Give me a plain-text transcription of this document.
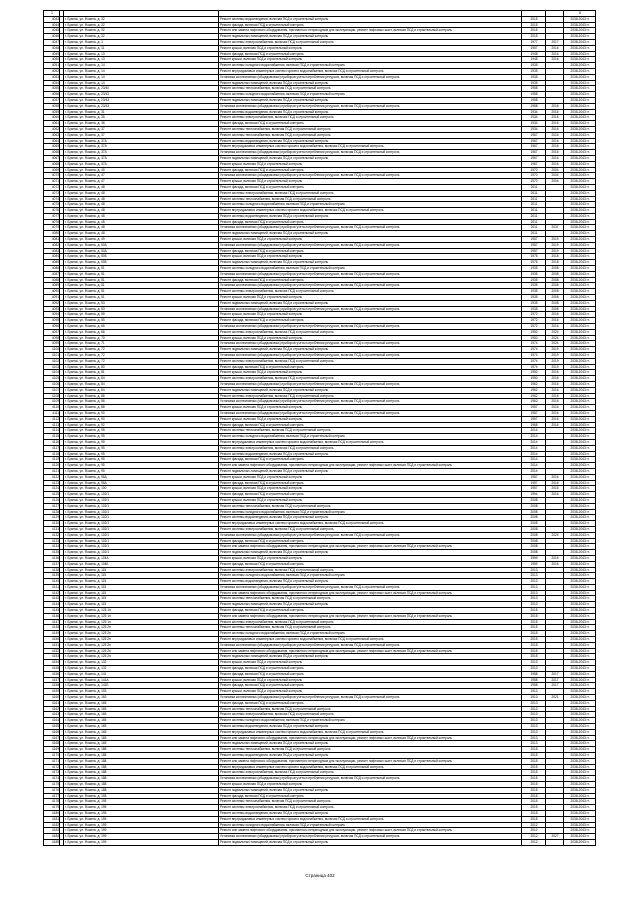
1						8
4043		г. Брянск, ул. Фокина, д. 32	Ремонт системы водоотведения, включая ПСД и строительный контроль	2015		2038-2043 гг.
4044		г. Брянск, ул. Фокина, д. 32	Ремонт фасада, включая ПСД и строительный контроль	2015		2038-2043 гг.
4045		г. Брянск, ул. Фокина, д. 32	Ремонт или замена лифтового оборудования, признанного непригодным для эксплуатации, ремонт лифтовых шахт, включая ПСД и строительный контроль	2015		2038-2043 гг.
4046		г. Брянск, ул. Фокина, д. 32	Ремонт подвальных помещений, включая ПСД и строительный контроль	2015		2038-2043 гг.
4047		г. Брянск, ул. Фокина, д. 1	Ремонт системы электроснабжения, включая ПСД и строительный контроль	1977	2017	2038-2043 гг.
4048		г. Брянск, ул. Фокина, д. 11	Ремонт крыши, включая ПСД и строительный контроль	1957	2016	2038-2043 гг.
4049		г. Брянск, ул. Фокина, д. 13	Ремонт фасада, включая ПСД и строительный контроль	1948	2016	2038-2043 гг.
4050		г. Брянск, ул. Фокина, д. 13	Ремонт крыши, включая ПСД и строительный контроль	1948	2016	2038-2043 гг.
4051		г. Брянск, ул. Фокина, д. 14	Ремонт системы холодного водоснабжения, включая ПСД и строительный контроль	1935		2038-2043 гг.
4052		г. Брянск, ул. Фокина, д. 14	Ремонт внутридомовых инженерных систем горячего водоснабжения, включая ПСД и строительный контроль	1935		2038-2043 гг.
4053		г. Брянск, ул. Фокина, д. 14	Установка коллективных (общедомовых) приборов учета потребления ресурсов, включая ПСД и строительный контроль	1935		2038-2043 гг.
4054		г. Брянск, ул. Фокина, д. 14	Ремонт подвальных помещений, включая ПСД и строительный контроль	1935		2038-2043 гг.
4055		г. Брянск, ул. Фокина, д. 23/40	Ремонт системы теплоснабжения, включая ПСД и строительный контроль	1958		2038-2043 гг.
4056		г. Брянск, ул. Фокина, д. 23/43	Ремонт системы холодного водоснабжения, включая ПСД и строительный контроль	1958		2038-2043 гг.
4057		г. Брянск, ул. Фокина, д. 23/43	Ремонт подвальных помещений, включая ПСД и строительный контроль	1958		2038-2043 гг.
4058		г. Брянск, ул. Фокина, д. 23/43	Установка коллективных (общедомовых) приборов учета потребления ресурсов, включая ПСД и строительный контроль	1958	2016	2038-2043 гг.
4059		г. Брянск, ул. Фокина, д. 31	Ремонт системы водоотведения, включая ПСД и строительный контроль	1934	2016	2038-2043 гг.
4060		г. Брянск, ул. Фокина, д. 35	Ремонт системы электроснабжения, включая ПСД и строительный контроль	1934	2016	2038-2043 гг.
4061		г. Брянск, ул. Фокина, д. 36	Ремонт фасада, включая ПСД и строительный контроль	1934	2016	2038-2043 гг.
4062		г. Брянск, ул. Фокина, д. 37	Ремонт системы теплоснабжения, включая ПСД и строительный контроль	1934	2016	2038-2043 гг.
4063		г. Брянск, ул. Фокина, д. 37	Ремонт системы теплоснабжения, включая ПСД и строительный контроль	1967	2016	2038-2043 гг.
4064		г. Брянск, ул. Фокина, д. 37А	Ремонт системы водоотведения, включая ПСД и строительный контроль	1967	2016	2038-2043 гг.
4065		г. Брянск, ул. Фокина, д. 37А	Ремонт внутридомовых инженерных систем горячего водоснабжения, включая ПСД и строительный контроль	1967	2016	2038-2043 гг.
4066		г. Брянск, ул. Фокина, д. 37А	Установка коллективных (общедомовых) приборов учета потребления ресурсов, включая ПСД и строительный контроль	1967	2016	2038-2043 гг.
4067		г. Брянск, ул. Фокина, д. 37А	Ремонт подвальных помещений, включая ПСД и строительный контроль	1967	2016	2038-2043 гг.
4068		г. Брянск, ул. Фокина, д. 37А	Ремонт крыши, включая ПСД и строительный контроль	1967	2016	2038-2043 гг.
4069		г. Брянск, ул. Фокина, д. 45	Ремонт фасада, включая ПСД и строительный контроль	1970	2004	2038-2043 гг.
4070		г. Брянск, ул. Фокина, д. 47	Установка коллективных (общедомовых) приборов учета потребления ресурсов, включая ПСД и строительный контроль	1970	2004	2038-2043 гг.
4071		г. Брянск, ул. Фокина, д. 47	Ремонт крыши, включая ПСД и строительный контроль	1970	2004	2038-2043 гг.
4072		г. Брянск, ул. Фокина, д. 48	Ремонт фасада, включая ПСД и строительный контроль	2011		2038-2043 гг.
4073		г. Брянск, ул. Фокина, д. 48	Ремонт системы электроснабжения, включая ПСД и строительный контроль	2011		2038-2043 гг.
4074		г. Брянск, ул. Фокина, д. 48	Ремонт системы теплоснабжения, включая ПСД и строительный контроль	2011		2038-2043 гг.
4075		г. Брянск, ул. Фокина, д. 48	Ремонт системы холодного водоснабжения, включая ПСД и строительный контроль	2011		2038-2043 гг.
4076		г. Брянск, ул. Фокина, д. 48	Ремонт внутридомовых инженерных систем горячего водоснабжения, включая ПСД и строительный контроль	2011		2038-2043 гг.
4077		г. Брянск, ул. Фокина, д. 48	Ремонт системы водоотведения, включая ПСД и строительный контроль	2011		2038-2043 гг.
4078		г. Брянск, ул. Фокина, д. 48	Ремонт фасада, включая ПСД и строительный контроль	2011		2038-2043 гг.
4079		г. Брянск, ул. Фокина, д. 48	Установка коллективных (общедомовых) приборов учета потребления ресурсов, включая ПСД и строительный контроль	2011	2037	2038-2043 гг.
4080		г. Брянск, ул. Фокина, д. 48	Ремонт подвальных помещений, включая ПСД и строительный контроль	2011		2038-2043 гг.
4081		г. Брянск, ул. Фокина, д. 49	Ремонт крыши, включая ПСД и строительный контроль	1957	2019	2038-2043 гг.
4082		г. Брянск, ул. Фокина, д. 50А	Установка коллективных (общедомовых) приборов учета потребления ресурсов, включая ПСД и строительный контроль	1957	2019	2038-2043 гг.
4083		г. Брянск, ул. Фокина, д. 50А	Ремонт фасада, включая ПСД и строительный контроль	1957	2019	2038-2043 гг.
4084		г. Брянск, ул. Фокина, д. 50Б	Ремонт крыши, включая ПСД и строительный контроль	1976	2018	2038-2043 гг.
4085		г. Брянск, ул. Фокина, д. 50Б	Ремонт подвальных помещений, включая ПСД и строительный контроль	1976	2018	2038-2043 гг.
4086		г. Брянск, ул. Фокина, д. 51	Ремонт системы холодного водоснабжения, включая ПСД и строительный контроль	1935	2008	2038-2043 гг.
4087		г. Брянск, ул. Фокина, д. 51	Установка коллективных (общедомовых) приборов учета потребления ресурсов, включая ПСД и строительный контроль	1935	2008	2038-2043 гг.
4088		г. Брянск, ул. Фокина, д. 51	Ремонт фасада, включая ПСД и строительный контроль	1935	2008	2038-2043 гг.
4089		г. Брянск, ул. Фокина, д. 51	Установка коллективных (общедомовых) приборов учета потребления ресурсов, включая ПСД и строительный контроль	1935	2008	2038-2043 гг.
4090		г. Брянск, ул. Фокина, д. 51	Ремонт системы электроснабжения, включая ПСД и строительный контроль	1935	2008	2038-2043 гг.
4091		г. Брянск, ул. Фокина, д. 51	Ремонт крыши, включая ПСД и строительный контроль	1935	2008	2038-2043 гг.
4092		г. Брянск, ул. Фокина, д. 53	Ремонт подвальных помещений, включая ПСД и строительный контроль	1935	2008	2038-2043 гг.
4093		г. Брянск, ул. Фокина, д. 53	Установка коллективных (общедомовых) приборов учета потребления ресурсов, включая ПСД и строительный контроль	1935	2008	2038-2043 гг.
4094		г. Брянск, ул. Фокина, д. 55	Ремонт крыши, включая ПСД и строительный контроль	1972	2016	2038-2043 гг.
4095		г. Брянск, ул. Фокина, д. 55	Ремонт фасада, включая ПСД и строительный контроль	1972	2016	2038-2043 гг.
4096		г. Брянск, ул. Фокина, д. 66	Установка коллективных (общедомовых) приборов учета потребления ресурсов, включая ПСД и строительный контроль	1972	2016	2038-2043 гг.
4097		г. Брянск, ул. Фокина, д. 66	Ремонт системы электроснабжения, включая ПСД и строительный контроль	1950	2024	2038-2043 гг.
4098		г. Брянск, ул. Фокина, д. 70	Ремонт крыши, включая ПСД и строительный контроль	1950	2024	2038-2043 гг.
4099		г. Брянск, ул. Фокина, д. 71	Установка коллективных (общедомовых) приборов учета потребления ресурсов, включая ПСД и строительный контроль	1974	2024	2038-2043 гг.
4100		г. Брянск, ул. Фокина, д. 72	Ремонт подвальных помещений, включая ПСД и строительный контроль	1974	2019	2038-2043 гг.
4101		г. Брянск, ул. Фокина, д. 72	Установка коллективных (общедомовых) приборов учета потребления ресурсов, включая ПСД и строительный контроль	1974	2019	2038-2043 гг.
4102		г. Брянск, ул. Фокина, д. 72	Ремонт системы электроснабжения, включая ПСД и строительный контроль	1974	2019	2038-2043 гг.
4103		г. Брянск, ул. Фокина, д. 80	Ремонт фасада, включая ПСД и строительный контроль	1974	2019	2038-2043 гг.
4104		г. Брянск, ул. Фокина, д. 81	Ремонт крыши, включая ПСД и строительный контроль	1950	2016	2038-2043 гг.
4105		г. Брянск, ул. Фокина, д. 84	Ремонт системы электроснабжения, включая ПСД и строительный контроль	1950	2016	2038-2043 гг.
4106		г. Брянск, ул. Фокина, д. 84	Установка коллективных (общедомовых) приборов учета потребления ресурсов, включая ПСД и строительный контроль	1962	2016	2038-2043 гг.
4107		г. Брянск, ул. Фокина, д. 84	Ремонт подвальных помещений, включая ПСД и строительный контроль	1962	2016	2038-2043 гг.
4108		г. Брянск, ул. Фокина, д. 86	Ремонт системы электроснабжения, включая ПСД и строительный контроль	1962	2016	2038-2043 гг.
4109		г. Брянск, ул. Фокина, д. 86	Установка коллективных (общедомовых) приборов учета потребления ресурсов, включая ПСД и строительный контроль	1962	2016	2038-2043 гг.
4110		г. Брянск, ул. Фокина, д. 88	Ремонт крыши, включая ПСД и строительный контроль	1957	2016	2038-2043 гг.
4111		г. Брянск, ул. Фокина, д. 90	Установка коллективных (общедомовых) приборов учета потребления ресурсов, включая ПСД и строительный контроль	1957	2016	2038-2043 гг.
4112		г. Брянск, ул. Фокина, д. 90	Ремонт крыши, включая ПСД и строительный контроль	1957	2016	2038-2043 гг.
4113		г. Брянск, ул. Фокина, д. 92	Ремонт фасада, включая ПСД и строительный контроль	1968	2016	2038-2043 гг.
4114		г. Брянск, ул. Фокина, д. 95	Ремонт системы теплоснабжения, включая ПСД и строительный контроль	2014		2038-2043 гг.
4115		г. Брянск, ул. Фокина, д. 95	Ремонт системы холодного водоснабжения, включая ПСД и строительный контроль	2014		2038-2043 гг.
4116		г. Брянск, ул. Фокина, д. 95	Ремонт внутридомовых инженерных систем горячего водоснабжения, включая ПСД и строительный контроль	2014		2038-2043 гг.
4117		г. Брянск, ул. Фокина, д. 95	Ремонт системы электроснабжения, включая ПСД и строительный контроль	2014		2038-2043 гг.
4118		г. Брянск, ул. Фокина, д. 95	Ремонт системы водоотведения, включая ПСД и строительный контроль	2014		2038-2043 гг.
4119		г. Брянск, ул. Фокина, д. 95	Ремонт фасада, включая ПСД и строительный контроль	2014		2038-2043 гг.
4120		г. Брянск, ул. Фокина, д. 95	Ремонт или замена лифтового оборудования, признанного непригодным для эксплуатации, ремонт лифтовых шахт, включая ПСД и строительный контроль	2014		2038-2043 гг.
4121		г. Брянск, ул. Фокина, д. 95	Ремонт подвальных помещений, включая ПСД и строительный контроль	2014		2038-2043 гг.
4122		г. Брянск, ул. Фокина, д. 96А	Ремонт крыши, включая ПСД и строительный контроль	1957	2016	2038-2043 гг.
4123		г. Брянск, ул. Фокина, д. 96А	Ремонт фасада, включая ПСД и строительный контроль	1957	2016	2038-2043 гг.
4124		г. Брянск, ул. Фокина, д. 100	Ремонт крыши, включая ПСД и строительный контроль	1957	2016	2038-2043 гг.
4125		г. Брянск, ул. Фокина, д. 102/1	Ремонт фасада, включая ПСД и строительный контроль	1994	2016	2038-2043 гг.
4126		г. Брянск, ул. Фокина, д. 102/1	Ремонт крыши, включая ПСД и строительный контроль	2008		2038-2043 гг.
4127		г. Брянск, ул. Фокина, д. 102/1	Ремонт системы теплоснабжения, включая ПСД и строительный контроль	2008		2038-2043 гг.
4128		г. Брянск, ул. Фокина, д. 102/1	Ремонт системы холодного водоснабжения, включая ПСД и строительный контроль	2008		2038-2043 гг.
4129		г. Брянск, ул. Фокина, д. 102/1	Ремонт системы водоотведения, включая ПСД и строительный контроль	2008		2038-2043 гг.
4130		г. Брянск, ул. Фокина, д. 102/1	Ремонт внутридомовых инженерных систем горячего водоснабжения, включая ПСД и строительный контроль	2008		2038-2043 гг.
4131		г. Брянск, ул. Фокина, д. 102/1	Ремонт системы электроснабжения, включая ПСД и строительный контроль	2008		2038-2043 гг.
4132		г. Брянск, ул. Фокина, д. 102/1	Установка коллективных (общедомовых) приборов учета потребления ресурсов, включая ПСД и строительный контроль	2008	2024	2038-2043 гг.
4133		г. Брянск, ул. Фокина, д. 102/1	Ремонт фасада, включая ПСД и строительный контроль	2008		2038-2043 гг.
4134		г. Брянск, ул. Фокина, д. 102/1	Ремонт или замена лифтового оборудования, признанного непригодным для эксплуатации, ремонт лифтовых шахт, включая ПСД и строительный контроль	2008		2038-2043 гг.
4135		г. Брянск, ул. Фокина, д. 102/1	Ремонт подвальных помещений, включая ПСД и строительный контроль	2008		2038-2043 гг.
4136		г. Брянск, ул. Фокина, д. 104А	Ремонт крыши, включая ПСД и строительный контроль	1959	2016	2038-2043 гг.
4137		г. Брянск, ул. Фокина, д. 104Б	Ремонт фасада, включая ПСД и строительный контроль	1959	2016	2038-2043 гг.
4138		г. Брянск, ул. Фокина, д. 115	Ремонт системы электроснабжения, включая ПСД и строительный контроль	2013		2038-2043 гг.
4139		г. Брянск, ул. Фокина, д. 115	Ремонт системы холодного водоснабжения, включая ПСД и строительный контроль	2013		2038-2043 гг.
4140		г. Брянск, ул. Фокина, д. 115	Ремонт системы водоотведения, включая ПСД и строительный контроль	2013		2038-2043 гг.
4141		г. Брянск, ул. Фокина, д. 115	Установка коллективных (общедомовых) приборов учета потребления ресурсов, включая ПСД и строительный контроль	2013		2038-2043 гг.
4142		г. Брянск, ул. Фокина, д. 115	Ремонт или замена лифтового оборудования, признанного непригодным для эксплуатации, ремонт лифтовых шахт, включая ПСД и строительный контроль	2013		2038-2043 гг.
4143		г. Брянск, ул. Фокина, д. 115	Ремонт системы теплоснабжения, включая ПСД и строительный контроль	2013		2038-2043 гг.
4144		г. Брянск, ул. Фокина, д. 115	Ремонт подвальных помещений, включая ПСД и строительный контроль	2013		2038-2043 гг.
4145		г. Брянск, ул. Фокина, д. 125 1п	Ремонт фасада, включая ПСД и строительный контроль	2015		2038-2043 гг.
4146		г. Брянск, ул. Фокина, д. 125 1п	Ремонт или замена лифтового оборудования, признанного непригодным для эксплуатации, ремонт лифтовых шахт, включая ПСД и строительный контроль	2015		2038-2043 гг.
4147		г. Брянск, ул. Фокина, д. 125 1п	Ремонт системы электроснабжения, включая ПСД и строительный контроль	2015		2038-2043 гг.
4148		г. Брянск, ул. Фокина, д. 125 2п	Ремонт системы теплоснабжения, включая ПСД и строительный контроль	2015		2038-2043 гг.
4149		г. Брянск, ул. Фокина, д. 125 2п	Ремонт системы холодного водоснабжения, включая ПСД и строительный контроль	2015		2038-2043 гг.
4150		г. Брянск, ул. Фокина, д. 125 2п	Ремонт внутридомовых инженерных систем горячего водоснабжения, включая ПСД и строительный контроль	2015		2038-2043 гг.
4151		г. Брянск, ул. Фокина, д. 125 2п	Установка коллективных (общедомовых) приборов учета потребления ресурсов, включая ПСД и строительный контроль	2015		2038-2043 гг.
4152		г. Брянск, ул. Фокина, д. 125 2п	Ремонт или замена лифтового оборудования, признанного непригодным для эксплуатации, ремонт лифтовых шахт, включая ПСД и строительный контроль	2015		2038-2043 гг.
4153		г. Брянск, ул. Фокина, д. 125 2п	Ремонт подвальных помещений, включая ПСД и строительный контроль	2015		2038-2043 гг.
4154		г. Брянск, ул. Фокина, д. 132	Ремонт крыши, включая ПСД и строительный контроль	2013		2038-2043 гг.
4155		г. Брянск, ул. Фокина, д. 132	Ремонт фасада, включая ПСД и строительный контроль	2013		2038-2043 гг.
4156		г. Брянск, ул. Фокина, д. 141	Ремонт фасада, включая ПСД и строительный контроль	1958	2017	2038-2043 гг.
4157		г. Брянск, ул. Фокина, д. 141А	Ремонт крыши, включая ПСД и строительный контроль	1958	2017	2038-2043 гг.
4158		г. Брянск, ул. Фокина, д. 141Б	Ремонт фасада, включая ПСД и строительный контроль	1958	2017	2038-2043 гг.
4159		г. Брянск, ул. Фокина, д. 153	Ремонт крыши, включая ПСД и строительный контроль	1913		2038-2043 гг.
4160		г. Брянск, ул. Фокина, д. 163	Установка коллективных (общедомовых) приборов учета потребления ресурсов, включая ПСД и строительный контроль	1913	2021	2038-2043 гг.
4161		г. Брянск, ул. Фокина, д. 165	Ремонт фасада, включая ПСД и строительный контроль	2013		2038-2043 гг.
4162		г. Брянск, ул. Фокина, д. 165	Ремонт системы теплоснабжения, включая ПСД и строительный контроль	2013		2038-2043 гг.
4163		г. Брянск, ул. Фокина, д. 165	Ремонт системы электроснабжения, включая ПСД и строительный контроль	2013		2038-2043 гг.
4164		г. Брянск, ул. Фокина, д. 165	Ремонт системы холодного водоснабжения, включая ПСД и строительный контроль	2013		2038-2043 гг.
4165		г. Брянск, ул. Фокина, д. 165	Ремонт системы водоотведения, включая ПСД и строительный контроль	2013		2038-2043 гг.
4166		г. Брянск, ул. Фокина, д. 165	Ремонт внутридомовых инженерных систем горячего водоснабжения, включая ПСД и строительный контроль	2013		2038-2043 гг.
4167		г. Брянск, ул. Фокина, д. 165	Ремонт или замена лифтового оборудования, признанного непригодным для эксплуатации, ремонт лифтовых шахт, включая ПСД и строительный контроль	2013		2038-2043 гг.
4168		г. Брянск, ул. Фокина, д. 165	Ремонт подвальных помещений, включая ПСД и строительный контроль	2013		2038-2043 гг.
4169		г. Брянск, ул. Фокина, д. 188	Ремонт системы теплоснабжения, включая ПСД и строительный контроль	2015		2038-2043 гг.
4170		г. Брянск, ул. Фокина, д. 188	Ремонт системы водоотведения, включая ПСД и строительный контроль	2015		2038-2043 гг.
4171		г. Брянск, ул. Фокина, д. 188	Ремонт или замена лифтового оборудования, признанного непригодным для эксплуатации, ремонт лифтовых шахт, включая ПСД и строительный контроль	2015		2038-2043 гг.
4172		г. Брянск, ул. Фокина, д. 188	Ремонт внутридомовых инженерных систем горячего водоснабжения, включая ПСД и строительный контроль	2015		2038-2043 гг.
4173		г. Брянск, ул. Фокина, д. 188	Ремонт системы электроснабжения, включая ПСД и строительный контроль	2015		2038-2043 гг.
4174		г. Брянск, ул. Фокина, д. 188	Установка коллективных (общедомовых) приборов учета потребления ресурсов, включая ПСД и строительный контроль	2015		2038-2043 гг.
4175		г. Брянск, ул. Фокина, д. 188	Ремонт крыши, включая ПСД и строительный контроль	2015		2038-2043 гг.
4176		г. Брянск, ул. Фокина, д. 188	Ремонт подвальных помещений, включая ПСД и строительный контроль	2015		2038-2043 гг.
4177		г. Брянск, ул. Фокина, д. 195	Ремонт фасада, включая ПСД и строительный контроль	2015		2038-2043 гг.
4178		г. Брянск, ул. Фокина, д. 195	Ремонт системы теплоснабжения, включая ПСД и строительный контроль	2015		2038-2043 гг.
4179		г. Брянск, ул. Фокина, д. 195	Ремонт системы электроснабжения, включая ПСД и строительный контроль	2015		2038-2043 гг.
4180		г. Брянск, ул. Фокина, д. 195	Ремонт системы водоотведения, включая ПСД и строительный контроль	2015		2038-2043 гг.
4181		г. Брянск, ул. Фокина, д. 195	Ремонт внутридомовых инженерных систем горячего водоснабжения, включая ПСД и строительный контроль	2015		2038-2043 гг.
4182		г. Брянск, ул. Фокина, д. 199	Ремонт системы холодного водоснабжения, включая ПСД и строительный контроль	2012		2038-2043 гг.
4183		г. Брянск, ул. Фокина, д. 199	Ремонт или замена лифтового оборудования, признанного непригодным для эксплуатации, ремонт лифтовых шахт, включая ПСД и строительный контроль	2012		2038-2043 гг.
4184		г. Брянск, ул. Фокина, д. 199	Установка коллективных (общедомовых) приборов учета потребления ресурсов, включая ПСД и строительный контроль	2012	2027	2038-2043 гг.
4185		г. Брянск, ул. Фокина, д. 199	Ремонт подвальных помещений, включая ПСД и строительный контроль	2012		2038-2043 гг.
Страница 402
